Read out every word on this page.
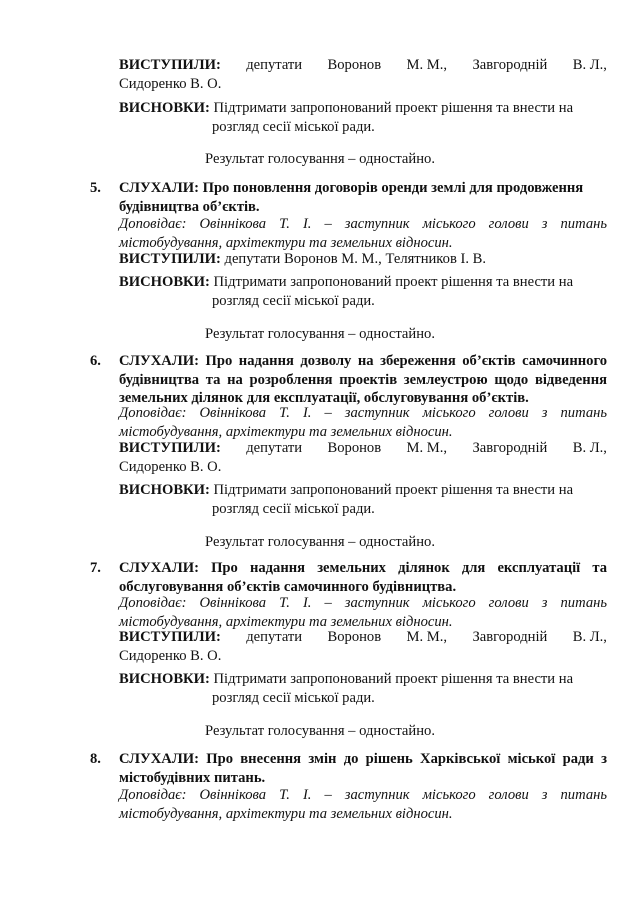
ВИСТУПИЛИ: депутати Воронов М. М., Завгородній В. Л.,
Сидоренко В. О.
ВИСНОВКИ: Підтримати запропонований проект рішення та внести на
розгляд сесії міської ради.
Результат голосування – одностайно.
5. СЛУХАЛИ: Про поновлення договорів оренди землі для продовження
будівництва об’єктів.
Доповідає: Овіннікова Т. І. – заступник міського голови з питань
містобудування, архітектури та земельних відносин.
ВИСТУПИЛИ: депутати Воронов М. М., Телятников І. В.
ВИСНОВКИ: Підтримати запропонований проект рішення та внести на
розгляд сесії міської ради.
Результат голосування – одностайно.
6. СЛУХАЛИ: Про надання дозволу на збереження об’єктів самочинного
будівництва та на розроблення проектів землеустрою щодо відведення
земельних ділянок для експлуатації, обслуговування об’єктів.
Доповідає: Овіннікова Т. І. – заступник міського голови з питань
містобудування, архітектури та земельних відносин.
ВИСТУПИЛИ: депутати Воронов М. М., Завгородній В. Л.,
Сидоренко В. О.
ВИСНОВКИ: Підтримати запропонований проект рішення та внести на
розгляд сесії міської ради.
Результат голосування – одностайно.
7. СЛУХАЛИ: Про надання земельних ділянок для експлуатації та
обслуговування об’єктів самочинного будівництва.
Доповідає: Овіннікова Т. І. – заступник міського голови з питань
містобудування, архітектури та земельних відносин.
ВИСТУПИЛИ: депутати Воронов М. М., Завгородній В. Л.,
Сидоренко В. О.
ВИСНОВКИ: Підтримати запропонований проект рішення та внести на
розгляд сесії міської ради.
Результат голосування – одностайно.
8. СЛУХАЛИ: Про внесення змін до рішень Харківської міської ради з
містобудівних питань.
Доповідає: Овіннікова Т. І. – заступник міського голови з питань
містобудування, архітектури та земельних відносин.
